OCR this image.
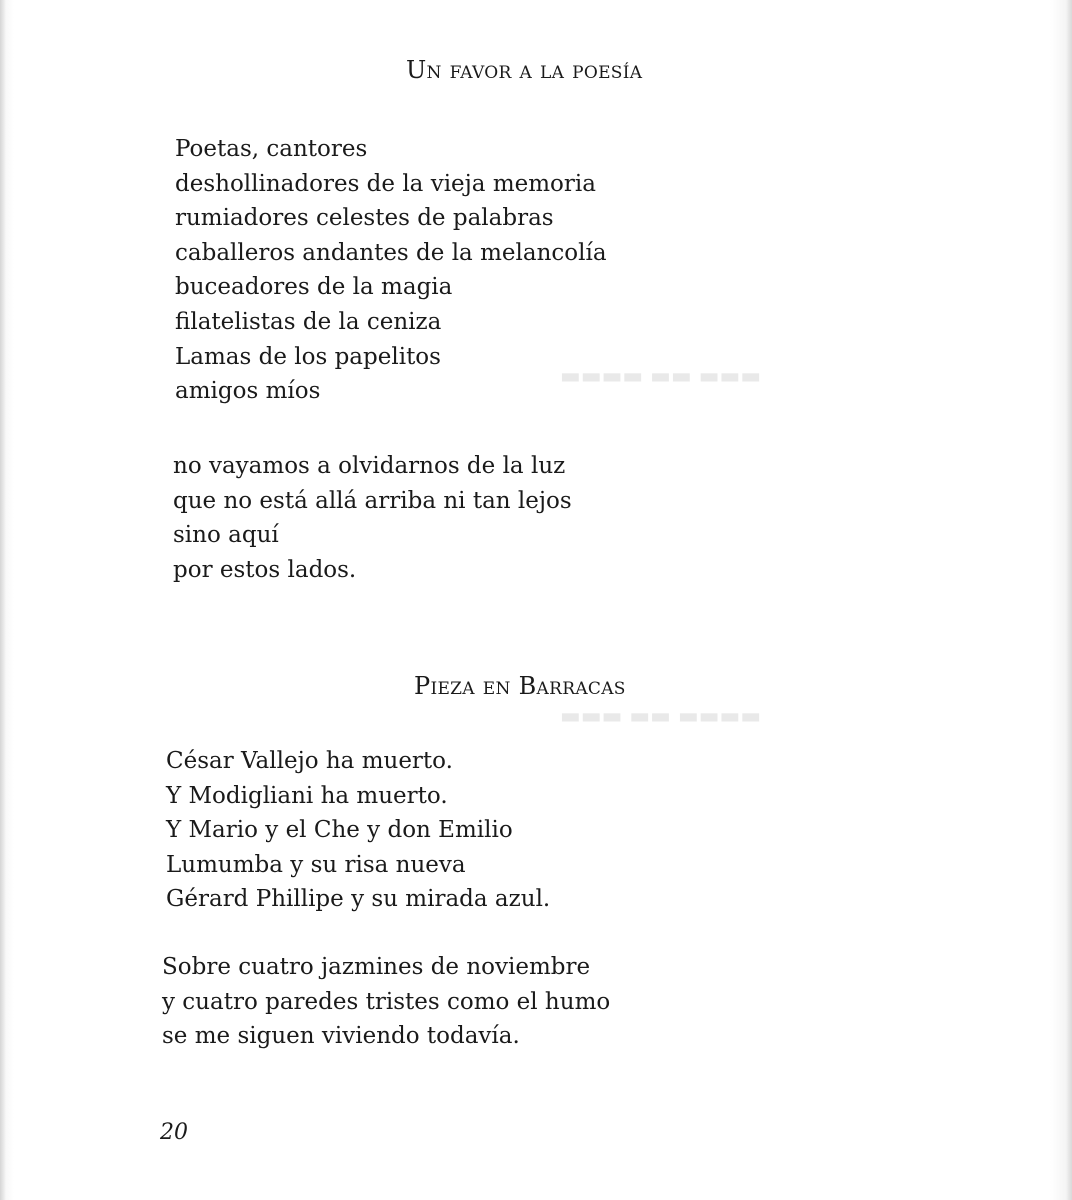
▬▬▬ ▬▬ ▬▬▬▬
▬▬▬▬ ▬▬ ▬▬▬
Un favor a la poesía

Poetas, cantores
deshollinadores de la vieja memoria
rumiadores celestes de palabras
caballeros andantes de la melancolía
buceadores de la magia
filatelistas de la ceniza
Lamas de los papelitos
amigos míos

no vayamos a olvidarnos de la luz
que no está allá arriba ni tan lejos
sino aquí
por estos lados.

Pieza en Barracas

César Vallejo ha muerto.
Y Modigliani ha muerto.
Y Mario y el Che y don Emilio
Lumumba y su risa nueva
Gérard Phillipe y su mirada azul.

Sobre cuatro jazmines de noviembre
y cuatro paredes tristes como el humo
se me siguen viviendo todavía.

20
